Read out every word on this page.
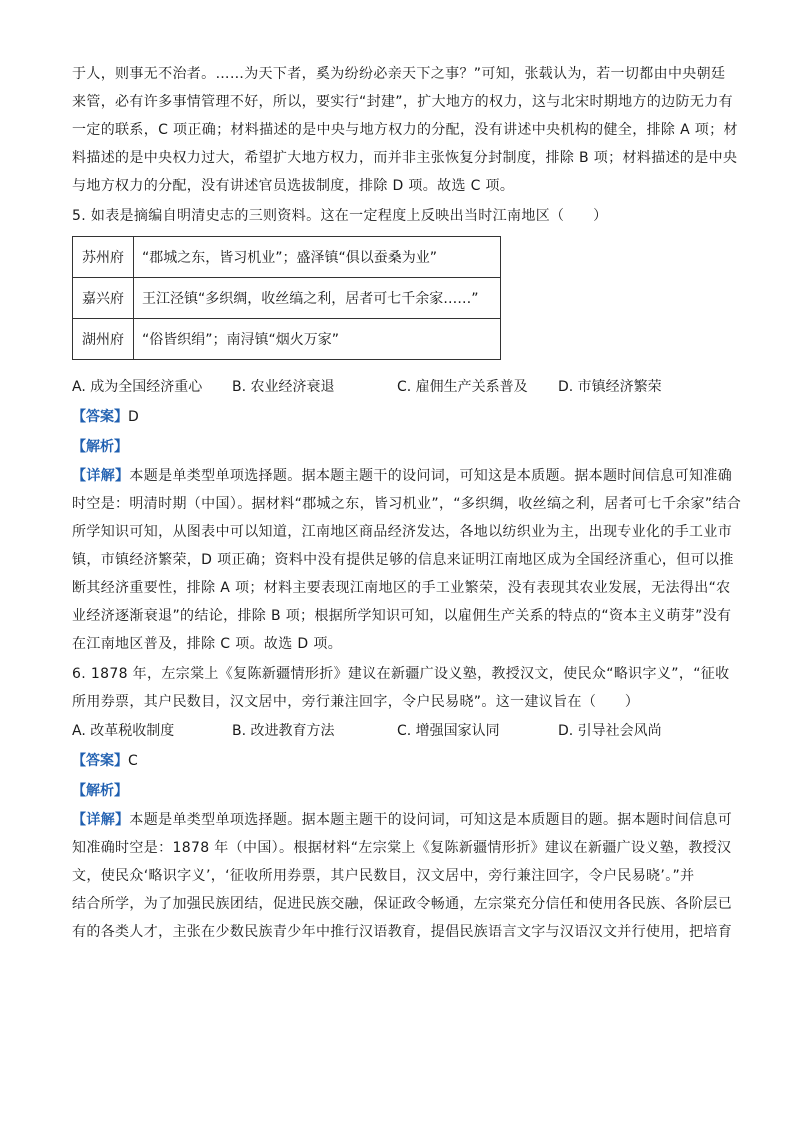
于人，则事无不治者。……为天下者，奚为纷纷必亲天下之事？”可知，张载认为，若一切都由中央朝廷
来管，必有许多事情管理不好，所以，要实行“封建”，扩大地方的权力，这与北宋时期地方的边防无力有
一定的联系，C 项正确；材料描述的是中央与地方权力的分配，没有讲述中央机构的健全，排除 A 项；材
料描述的是中央权力过大，希望扩大地方权力，而并非主张恢复分封制度，排除 B 项；材料描述的是中央
与地方权力的分配，没有讲述官员选拔制度，排除 D 项。故选 C 项。
5. 如表是摘编自明清史志的三则资料。这在一定程度上反映出当时江南地区（　　）
苏州府	“郡城之东，皆习机业”；盛泽镇“俱以蚕桑为业”
嘉兴府	王江泾镇“多织绸，收丝缟之利，居者可七千余家……”
湖州府	“俗皆织绢”；南浔镇“烟火万家”
A. 成为全国经济重心 B. 农业经济衰退	C. 雇佣生产关系普及 D. 市镇经济繁荣
【答案】D
【解析】
【详解】本题是单类型单项选择题。据本题主题干的设问词，可知这是本质题。据本题时间信息可知准确
时空是：明清时期（中国）。据材料“郡城之东，皆习机业”，“多织绸，收丝缟之利，居者可七千余家”结合
所学知识可知，从图表中可以知道，江南地区商品经济发达，各地以纺织业为主，出现专业化的手工业市
镇，市镇经济繁荣，D 项正确；资料中没有提供足够的信息来证明江南地区成为全国经济重心，但可以推
断其经济重要性，排除 A 项；材料主要表现江南地区的手工业繁荣，没有表现其农业发展，无法得出“农
业经济逐渐衰退”的结论，排除 B 项；根据所学知识可知，以雇佣生产关系的特点的“资本主义萌芽”没有
在江南地区普及，排除 C 项。故选 D 项。
6. 1878 年，左宗棠上《复陈新疆情形折》建议在新疆广设义塾，教授汉文，使民众“略识字义”，“征收
所用券票，其户民数目，汉文居中，旁行兼注回字，令户民易晓”。这一建议旨在（　　）
A. 改革税收制度	B. 改进教育方法	C. 增强国家认同	D. 引导社会风尚
【答案】C
【解析】
【详解】本题是单类型单项选择题。据本题主题干的设问词，可知这是本质题目的题。据本题时间信息可
知准确时空是：1878 年（中国）。根据材料“左宗棠上《复陈新疆情形折》建议在新疆广设义塾，教授汉
文，使民众‘略识字义’，‘征收所用券票，其户民数目，汉文居中，旁行兼注回字，令户民易晓’。”并
结合所学，为了加强民族团结，促进民族交融，保证政令畅通，左宗棠充分信任和使用各民族、各阶层已
有的各类人才，主张在少数民族青少年中推行汉语教育，提倡民族语言文字与汉语汉文并行使用，把培育
